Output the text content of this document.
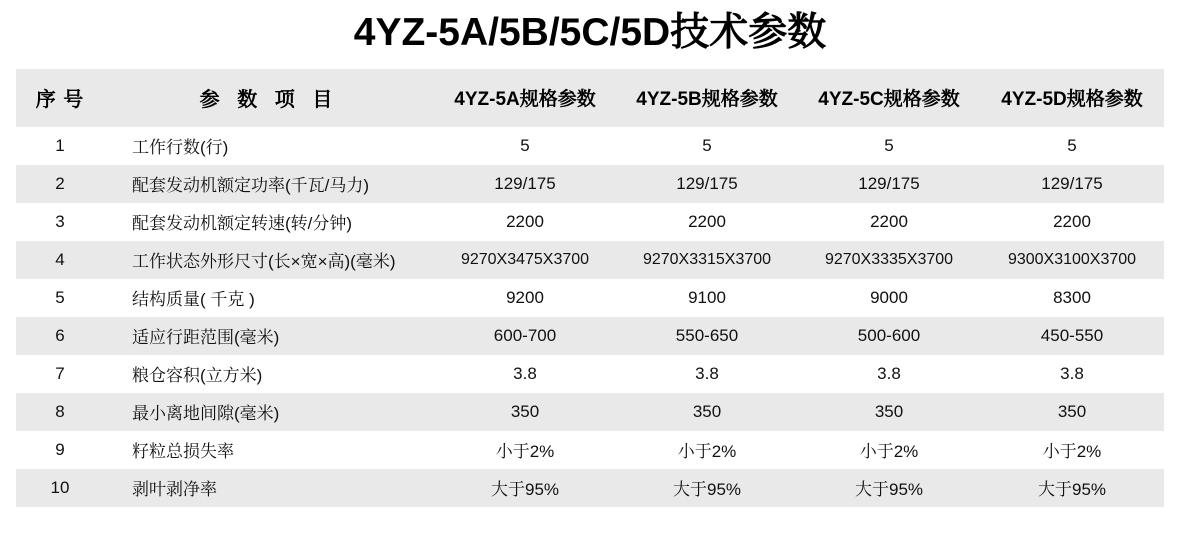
4YZ-5A/5B/5C/5D技术参数
序 号	参 数 项 目	4YZ-5A规格参数	4YZ-5B规格参数	4YZ-5C规格参数	4YZ-5D规格参数
1	工作行数(行)	5	5	5	5
2	配套发动机额定功率(千瓦/马力)	129/175	129/175	129/175	129/175
3	配套发动机额定转速(转/分钟)	2200	2200	2200	2200
4	工作状态外形尺寸(长×宽×高)(毫米)	9270X3475X3700	9270X3315X3700	9270X3335X3700	9300X3100X3700
5	结构质量( 千克 )	9200	9100	9000	8300
6	适应行距范围(毫米)	600-700	550-650	500-600	450-550
7	粮仓容积(立方米)	3.8	3.8	3.8	3.8
8	最小离地间隙(毫米)	350	350	350	350
9	籽粒总损失率	小于2%	小于2%	小于2%	小于2%
10	剥叶剥净率	大于95%	大于95%	大于95%	大于95%
